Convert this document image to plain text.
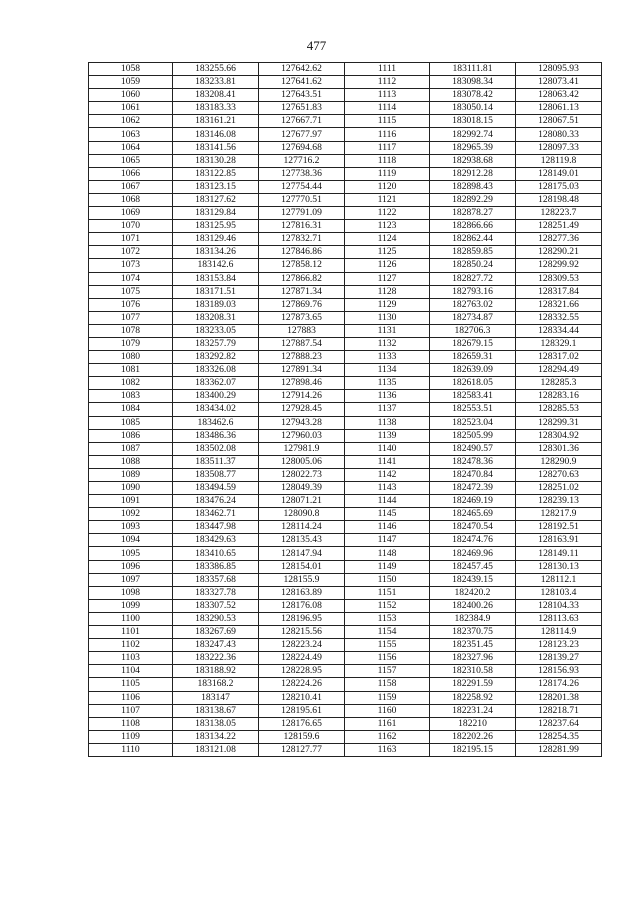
477
1058	183255.66	127642.62	1111	183111.81	128095.93
1059	183233.81	127641.62	1112	183098.34	128073.41
1060	183208.41	127643.51	1113	183078.42	128063.42
1061	183183.33	127651.83	1114	183050.14	128061.13
1062	183161.21	127667.71	1115	183018.15	128067.51
1063	183146.08	127677.97	1116	182992.74	128080.33
1064	183141.56	127694.68	1117	182965.39	128097.33
1065	183130.28	127716.2	1118	182938.68	128119.8
1066	183122.85	127738.36	1119	182912.28	128149.01
1067	183123.15	127754.44	1120	182898.43	128175.03
1068	183127.62	127770.51	1121	182892.29	128198.48
1069	183129.84	127791.09	1122	182878.27	128223.7
1070	183125.95	127816.31	1123	182866.66	128251.49
1071	183129.46	127832.71	1124	182862.44	128277.36
1072	183134.26	127846.86	1125	182859.85	128290.21
1073	183142.6	127858.12	1126	182850.24	128299.92
1074	183153.84	127866.82	1127	182827.72	128309.53
1075	183171.51	127871.34	1128	182793.16	128317.84
1076	183189.03	127869.76	1129	182763.02	128321.66
1077	183208.31	127873.65	1130	182734.87	128332.55
1078	183233.05	127883	1131	182706.3	128334.44
1079	183257.79	127887.54	1132	182679.15	128329.1
1080	183292.82	127888.23	1133	182659.31	128317.02
1081	183326.08	127891.34	1134	182639.09	128294.49
1082	183362.07	127898.46	1135	182618.05	128285.3
1083	183400.29	127914.26	1136	182583.41	128283.16
1084	183434.02	127928.45	1137	182553.51	128285.53
1085	183462.6	127943.28	1138	182523.04	128299.31
1086	183486.36	127960.03	1139	182505.99	128304.92
1087	183502.08	127981.9	1140	182490.57	128301.36
1088	183511.37	128005.06	1141	182478.36	128290.9
1089	183508.77	128022.73	1142	182470.84	128270.63
1090	183494.59	128049.39	1143	182472.39	128251.02
1091	183476.24	128071.21	1144	182469.19	128239.13
1092	183462.71	128090.8	1145	182465.69	128217.9
1093	183447.98	128114.24	1146	182470.54	128192.51
1094	183429.63	128135.43	1147	182474.76	128163.91
1095	183410.65	128147.94	1148	182469.96	128149.11
1096	183386.85	128154.01	1149	182457.45	128130.13
1097	183357.68	128155.9	1150	182439.15	128112.1
1098	183327.78	128163.89	1151	182420.2	128103.4
1099	183307.52	128176.08	1152	182400.26	128104.33
1100	183290.53	128196.95	1153	182384.9	128113.63
1101	183267.69	128215.56	1154	182370.75	128114.9
1102	183247.43	128223.24	1155	182351.45	128123.23
1103	183222.36	128224.49	1156	182327.96	128139.27
1104	183188.92	128228.95	1157	182310.58	128156.93
1105	183168.2	128224.26	1158	182291.59	128174.26
1106	183147	128210.41	1159	182258.92	128201.38
1107	183138.67	128195.61	1160	182231.24	128218.71
1108	183138.05	128176.65	1161	182210	128237.64
1109	183134.22	128159.6	1162	182202.26	128254.35
1110	183121.08	128127.77	1163	182195.15	128281.99
